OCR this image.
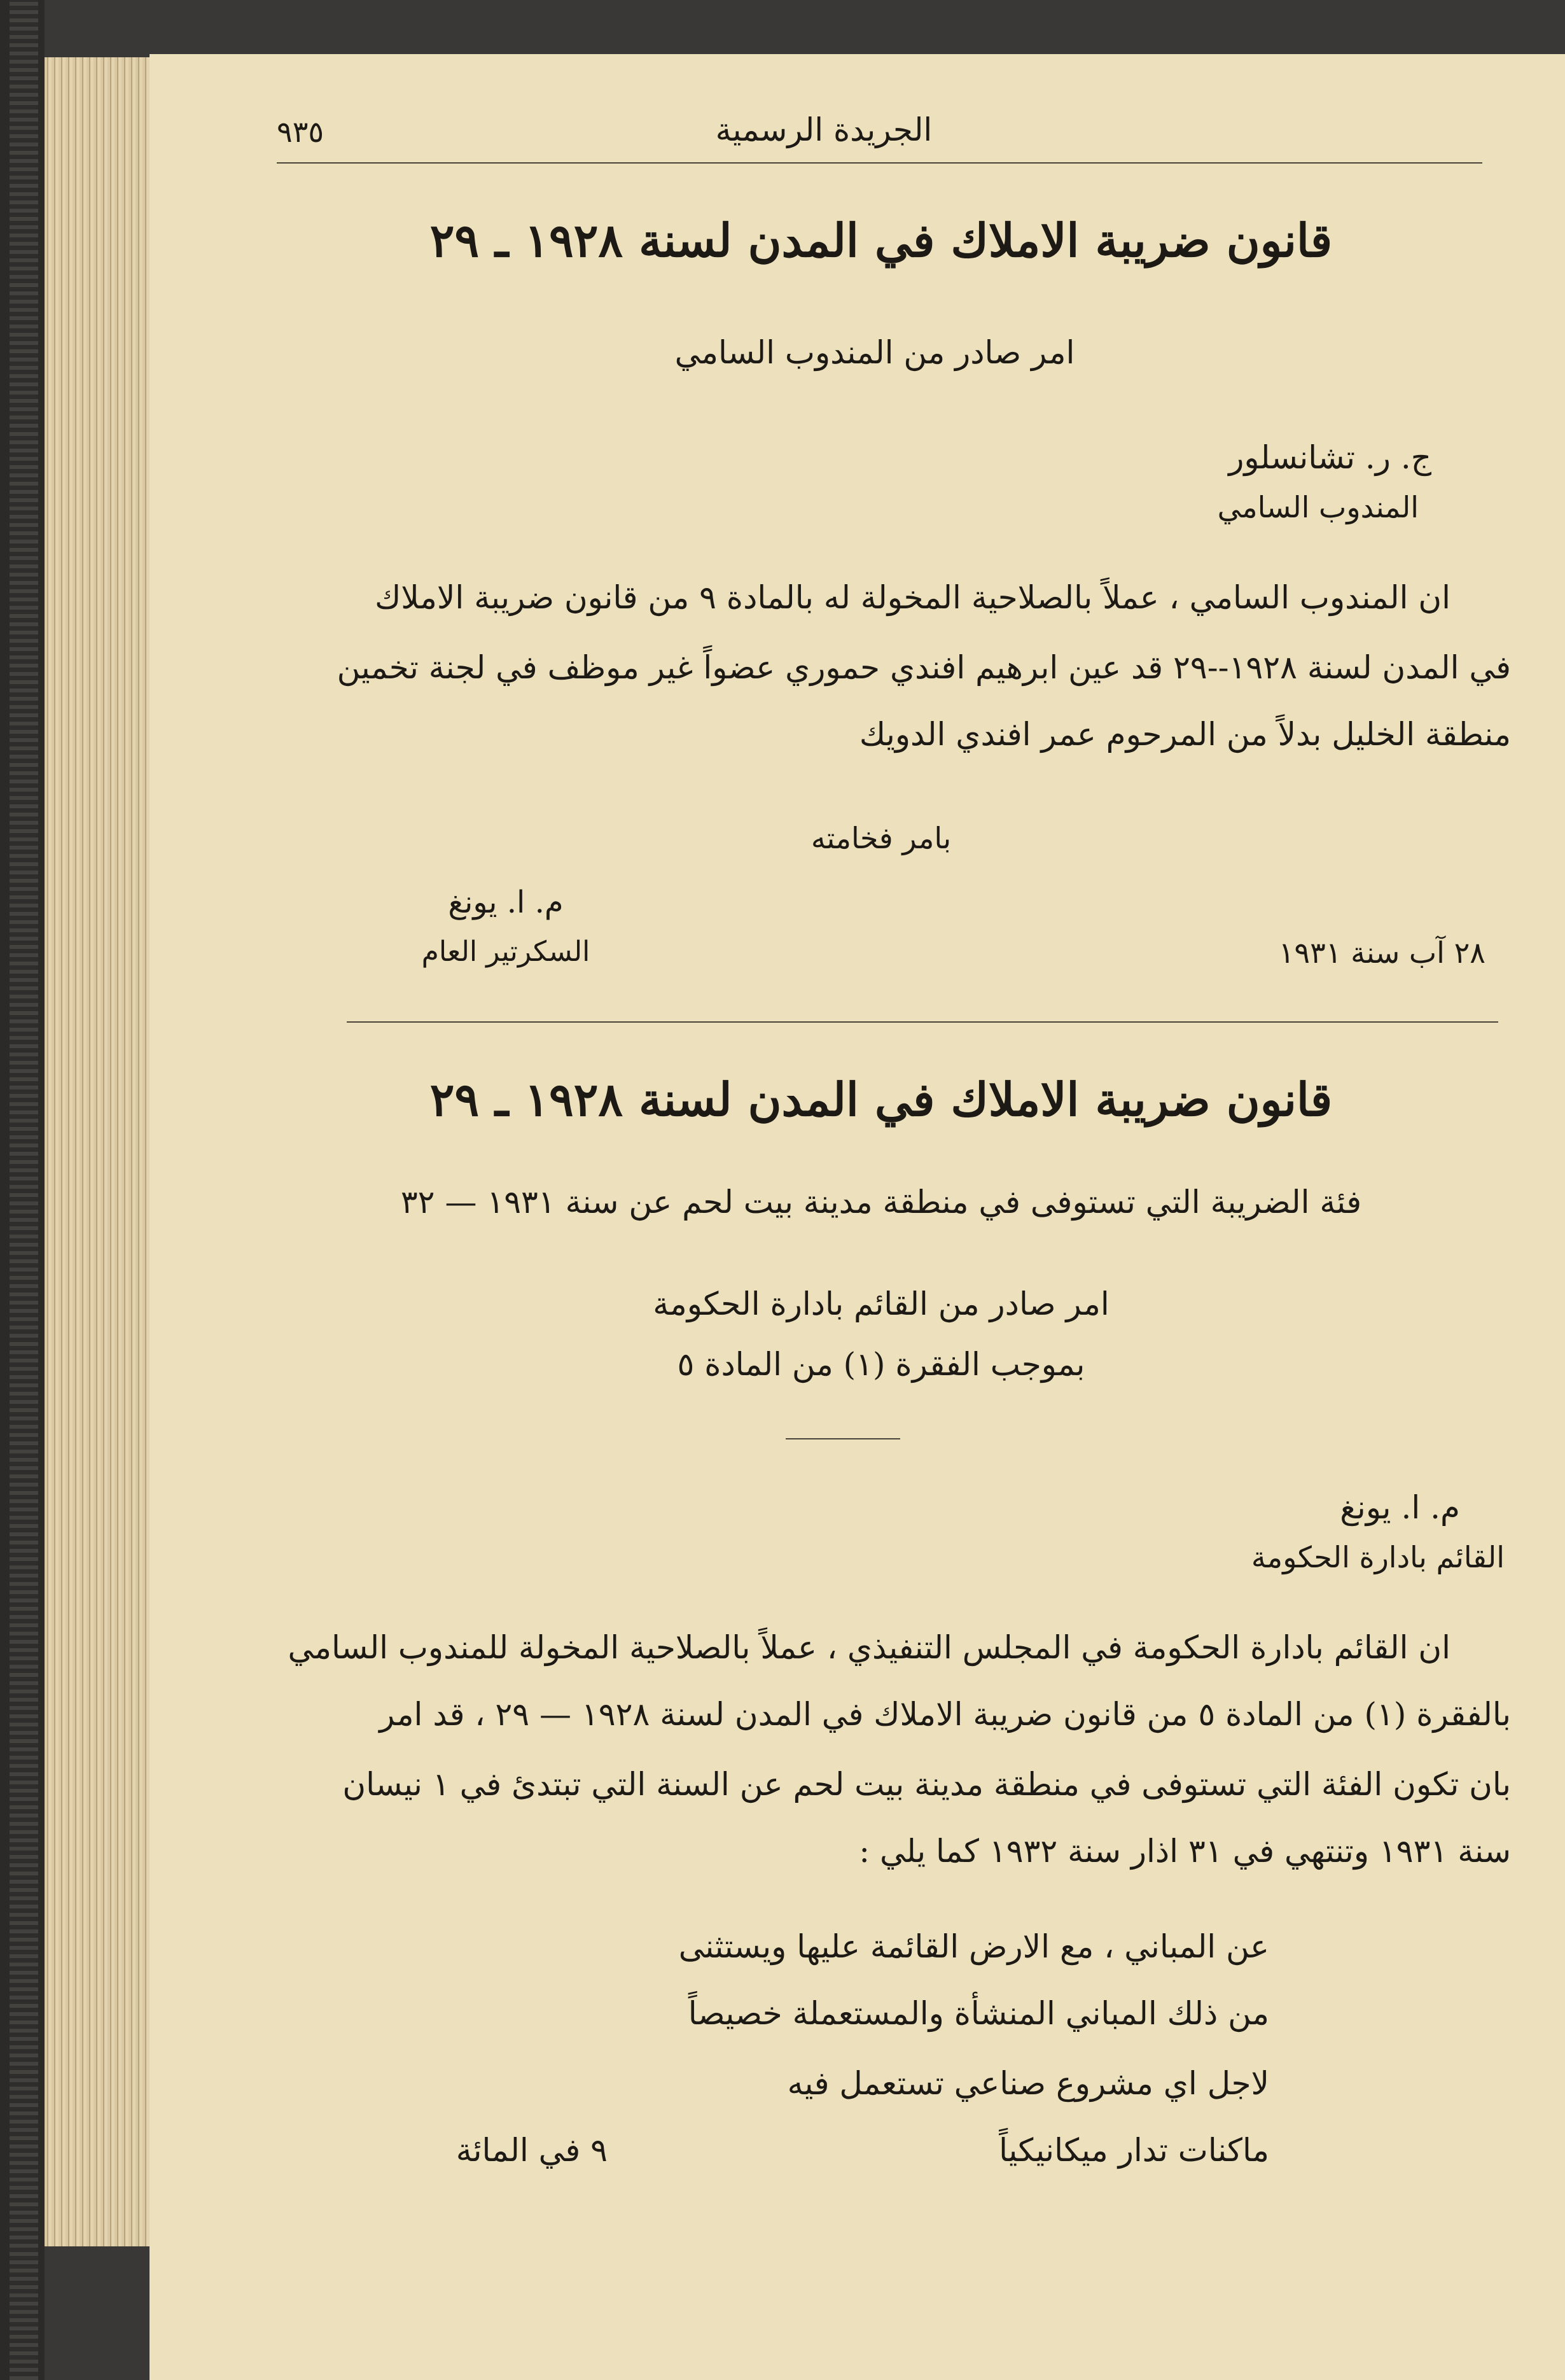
٩٣٥	الجريدة الرسمية
قانون ضريبة الاملاك في المدن لسنة ١٩٢٨ ـ ٢٩
امر صادر من المندوب السامي
ج. ر. تشانسلور
المندوب السامي
ان المندوب السامي ، عملاً بالصلاحية المخولة له بالمادة ٩ من قانون ضريبة الاملاك
في المدن لسنة ١٩٢٨--٢٩ قد عين ابرهيم افندي حموري عضواً غير موظف في لجنة تخمين
منطقة الخليل بدلاً من المرحوم عمر افندي الدويك
بامر فخامته
م. ا. يونغ
السكرتير العام	٢٨ آب سنة ١٩٣١
قانون ضريبة الاملاك في المدن لسنة ١٩٢٨ ـ ٢٩
فئة الضريبة التي تستوفى في منطقة مدينة بيت لحم عن سنة ١٩٣١ — ٣٢
امر صادر من القائم بادارة الحكومة
بموجب الفقرة (١) من المادة ٥
م. ا. يونغ
القائم بادارة الحكومة
ان القائم بادارة الحكومة في المجلس التنفيذي ، عملاً بالصلاحية المخولة للمندوب السامي
بالفقرة (١) من المادة ٥ من قانون ضريبة الاملاك في المدن لسنة ١٩٢٨ — ٢٩ ، قد امر
بان تكون الفئة التي تستوفى في منطقة مدينة بيت لحم عن السنة التي تبتدئ في ١ نيسان
سنة ١٩٣١ وتنتهي في ٣١ اذار سنة ١٩٣٢ كما يلي :
عن المباني ، مع الارض القائمة عليها ويستثنى
من ذلك المباني المنشأة والمستعملة خصيصاً
لاجل اي مشروع صناعي تستعمل فيه
ماكنات تدار ميكانيكياً
٩ في المائة
